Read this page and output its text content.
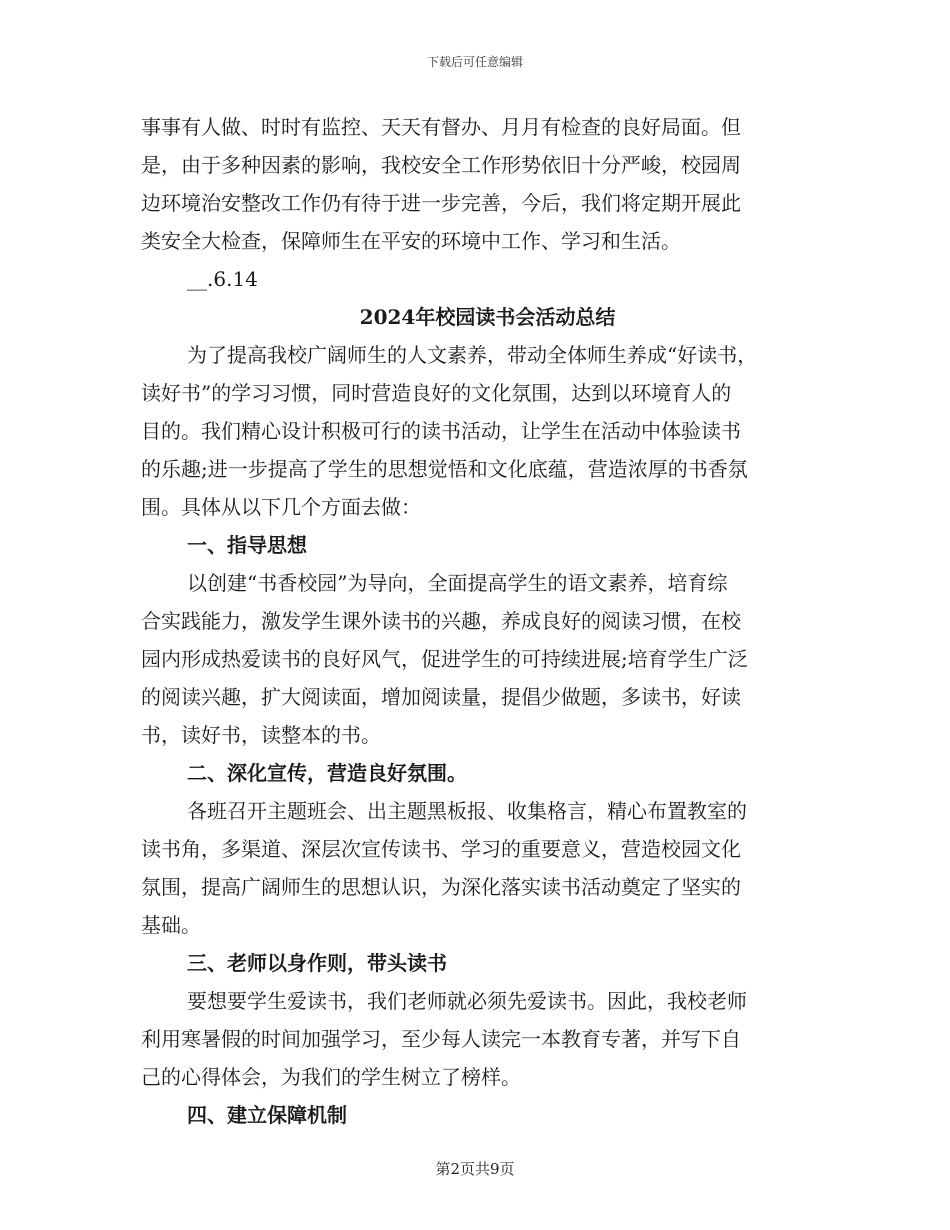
下载后可任意编辑
事事有人做、时时有监控、天天有督办、月月有检查的良好局面。但
是，由于多种因素的影响，我校安全工作形势依旧十分严峻，校园周
边环境治安整改工作仍有待于进一步完善，今后，我们将定期开展此
类安全大检查，保障师生在平安的环境中工作、学习和生活。
__.6.14
2024年校园读书会活动总结
为了提高我校广阔师生的人文素养，带动全体师生养成“好读书，
读好书”的学习习惯，同时营造良好的文化氛围，达到以环境育人的
目的。我们精心设计积极可行的读书活动，让学生在活动中体验读书
的乐趣;进一步提高了学生的思想觉悟和文化底蕴，营造浓厚的书香氛
围。具体从以下几个方面去做：
一、指导思想
以创建“书香校园”为导向，全面提高学生的语文素养，培育综
合实践能力，激发学生课外读书的兴趣，养成良好的阅读习惯，在校
园内形成热爱读书的良好风气，促进学生的可持续进展;培育学生广泛
的阅读兴趣，扩大阅读面，增加阅读量，提倡少做题，多读书，好读
书，读好书，读整本的书。
二、深化宣传，营造良好氛围。
各班召开主题班会、出主题黑板报、收集格言，精心布置教室的
读书角，多渠道、深层次宣传读书、学习的重要意义，营造校园文化
氛围，提高广阔师生的思想认识，为深化落实读书活动奠定了坚实的
基础。
三、老师以身作则，带头读书
要想要学生爱读书，我们老师就必须先爱读书。因此，我校老师
利用寒暑假的时间加强学习，至少每人读完一本教育专著，并写下自
己的心得体会，为我们的学生树立了榜样。
四、建立保障机制
第2页共9页
